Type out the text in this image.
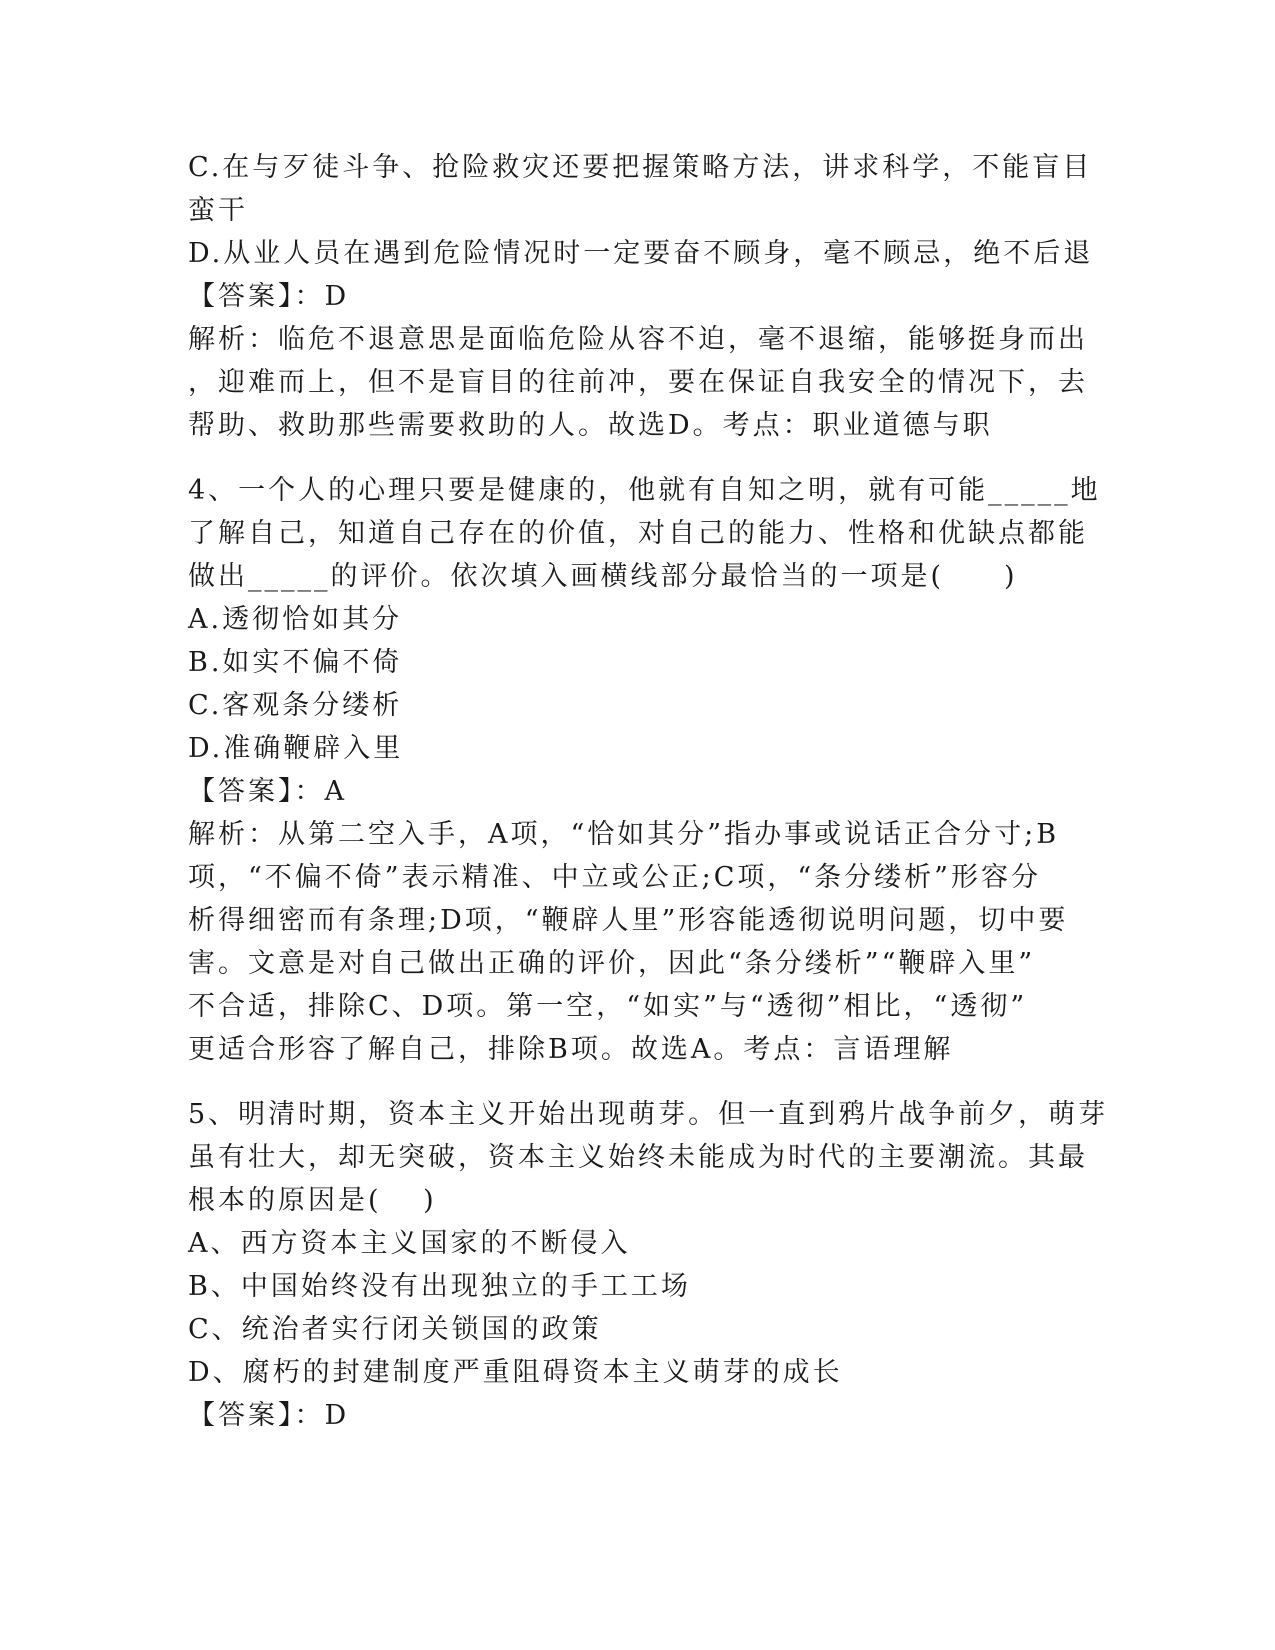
C.在与歹徒斗争、抢险救灾还要把握策略方法，讲求科学，不能盲目
蛮干
D.从业人员在遇到危险情况时一定要奋不顾身，毫不顾忌，绝不后退
【答案】：D
解析：临危不退意思是面临危险从容不迫，毫不退缩，能够挺身而出
，迎难而上，但不是盲目的往前冲，要在保证自我安全的情况下，去
帮助、救助那些需要救助的人。故选D。考点：职业道德与职
4、一个人的心理只要是健康的，他就有自知之明，就有可能_____地
了解自己，知道自己存在的价值，对自己的能力、性格和优缺点都能
做出_____的评价。依次填入画横线部分最恰当的一项是(　　)
A.透彻恰如其分
B.如实不偏不倚
C.客观条分缕析
D.准确鞭辟入里
【答案】：A
解析：从第二空入手，A项，“恰如其分”指办事或说话正合分寸;B
项，“不偏不倚”表示精准、中立或公正;C项，“条分缕析”形容分
析得细密而有条理;D项，“鞭辟人里”形容能透彻说明问题，切中要
害。文意是对自己做出正确的评价，因此“条分缕析”“鞭辟入里”
不合适，排除C、D项。第一空，“如实”与“透彻”相比，“透彻”
更适合形容了解自己，排除B项。故选A。考点：言语理解
5、明清时期，资本主义开始出现萌芽。但一直到鸦片战争前夕，萌芽
虽有壮大，却无突破，资本主义始终未能成为时代的主要潮流。其最
根本的原因是(　 )
A、西方资本主义国家的不断侵入
B、中国始终没有出现独立的手工工场
C、统治者实行闭关锁国的政策
D、腐朽的封建制度严重阻碍资本主义萌芽的成长
【答案】：D
